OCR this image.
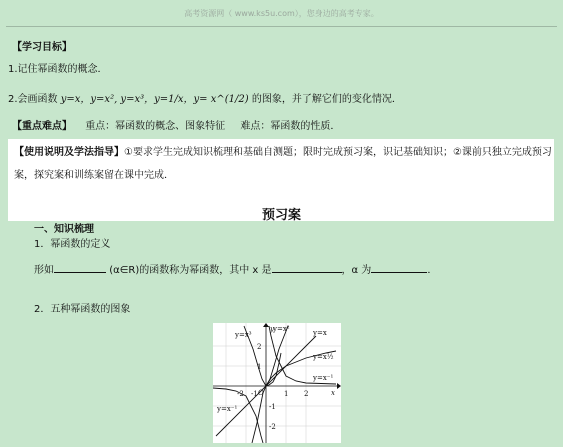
高考资源网（ www.ks5u.com），您身边的高考专家。
【学习目标】
1.记住幂函数的概念．
2.会画函数 y=x，y=x², y=x³，y=1/x，y= x^(1/2) 的图象，并了解它们的变化情况．
【重点难点】 重点：幂函数的概念、图象特征 难点：幂函数的性质．
【使用说明及学法指导】①要求学生完成知识梳理和基础自测题；限时完成预习案，识记基础知识；②课前只独立完成预习案，探究案和训练案留在课中完成．
预习案
一、知识梳理
1．幂函数的定义
形如	(α∈R)的函数称为幂函数，其中 x 是	，α 为	．
2．五种幂函数的图象
y=x³
y=x²	y=x
y=x½
y=x⁻¹
y=x⁻¹
-2 -1	1 2
2
1
-1
-2
O	x
y
